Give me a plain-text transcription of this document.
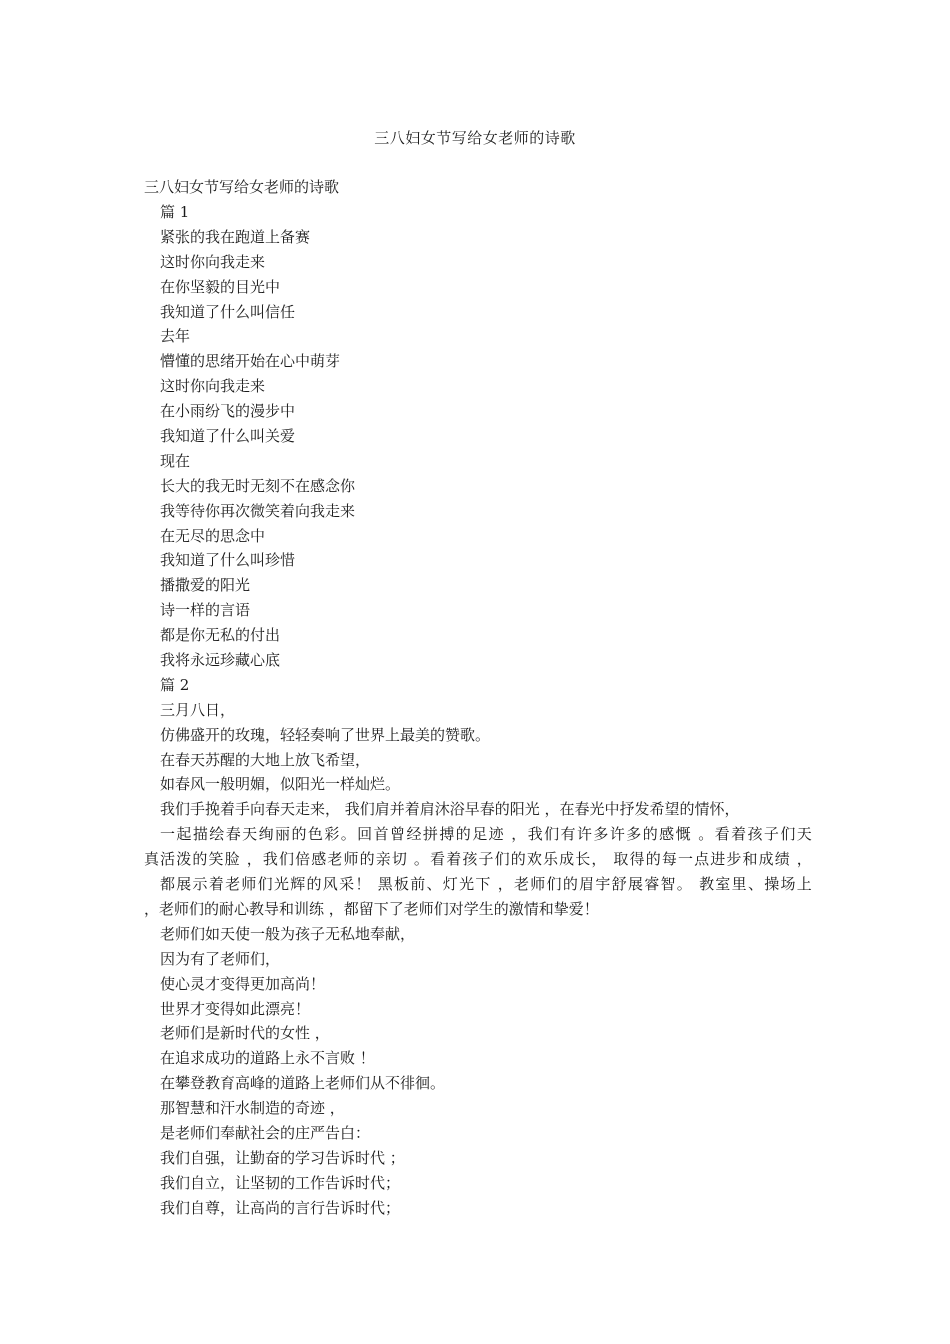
三八妇女节写给女老师的诗歌
三八妇女节写给女老师的诗歌
篇 1
紧张的我在跑道上备赛
这时你向我走来
在你坚毅的目光中
我知道了什么叫信任
去年
懵懂的思绪开始在心中萌芽
这时你向我走来
在小雨纷飞的漫步中
我知道了什么叫关爱
现在
长大的我无时无刻不在感念你
我等待你再次微笑着向我走来
在无尽的思念中
我知道了什么叫珍惜
播撒爱的阳光
诗一样的言语
都是你无私的付出
我将永远珍藏心底
篇 2
三月八日，
仿佛盛开的玫瑰，轻轻奏响了世界上最美的赞歌。
在春天苏醒的大地上放飞希望，
如春风一般明媚，似阳光一样灿烂。
我们手挽着手向春天走来， 我们肩并着肩沐浴早春的阳光 ，在春光中抒发希望的情怀，
一起描绘春天绚丽的色彩。回首曾经拼搏的足迹 ，我们有许多许多的感慨 。看着孩子们天
真活泼的笑脸 ，我们倍感老师的亲切 。看着孩子们的欢乐成长， 取得的每一点进步和成绩 ，
都展示着老师们光辉的风采！ 黑板前、灯光下 ，老师们的眉宇舒展睿智。 教室里、操场上
，老师们的耐心教导和训练 ，都留下了老师们对学生的激情和挚爱！
老师们如天使一般为孩子无私地奉献，
因为有了老师们，
使心灵才变得更加高尚！
世界才变得如此漂亮！
老师们是新时代的女性 ，
在追求成功的道路上永不言败 ！
在攀登教育高峰的道路上老师们从不徘徊。
那智慧和汗水制造的奇迹 ，
是老师们奉献社会的庄严告白：
我们自强，让勤奋的学习告诉时代 ；
我们自立，让坚韧的工作告诉时代；
我们自尊，让高尚的言行告诉时代；
